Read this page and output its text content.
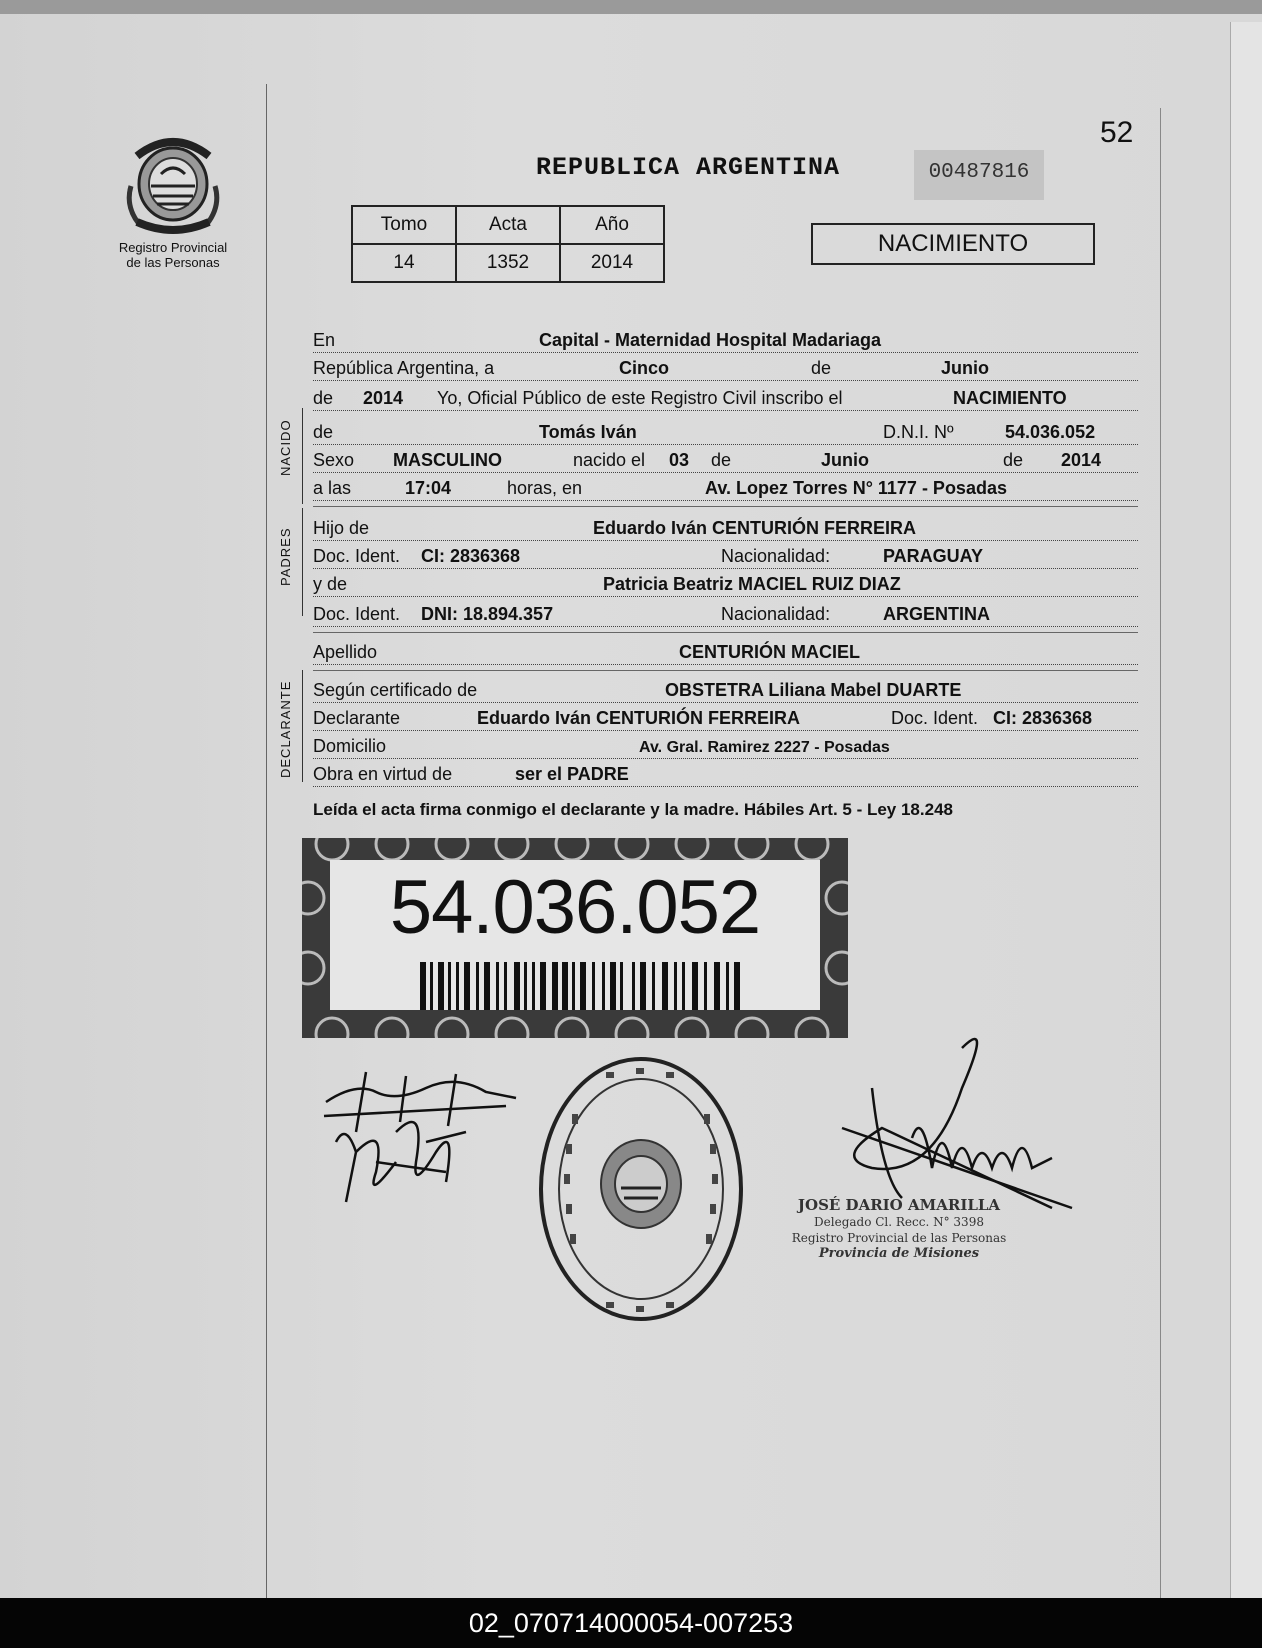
Registro Provincial
de las Personas
52
REPUBLICA ARGENTINA	00487816
Tomo	Acta	Año
14	1352	2014
NACIMIENTO
NACIDO
PADRES
DECLARANTE
En	Capital - Maternidad Hospital Madariaga
República Argentina, a	Cinco	de	Junio
de 2014 Yo, Oficial Público de este Registro Civil inscribo el	NACIMIENTO
de	Tomás Iván	D.N.I. Nº	54.036.052
Sexo MASCULINO	nacido el 03 de	Junio	de 2014
a las	17:04	horas, en	Av. Lopez Torres N° 1177 - Posadas
Hijo de	Eduardo Iván CENTURIÓN FERREIRA
Doc. Ident. CI: 2836368	Nacionalidad:	PARAGUAY
y de	Patricia Beatriz MACIEL RUIZ DIAZ
Doc. Ident. DNI: 18.894.357	Nacionalidad:	ARGENTINA
Apellido	CENTURIÓN MACIEL
Según certificado de	OBSTETRA Liliana Mabel DUARTE
Declarante	Eduardo Iván CENTURIÓN FERREIRA	Doc. Ident. CI: 2836368
Domicilio	Av. Gral. Ramirez 2227 - Posadas
Obra en virtud de	ser el PADRE
Leída el acta firma conmigo el declarante y la madre. Hábiles Art. 5 - Ley 18.248
54.036.052
JOSÉ DARIO AMARILLA
Delegado Cl. Recc. N° 3398
Registro Provincial de las Personas
Provincia de Misiones
02_070714000054-007253
